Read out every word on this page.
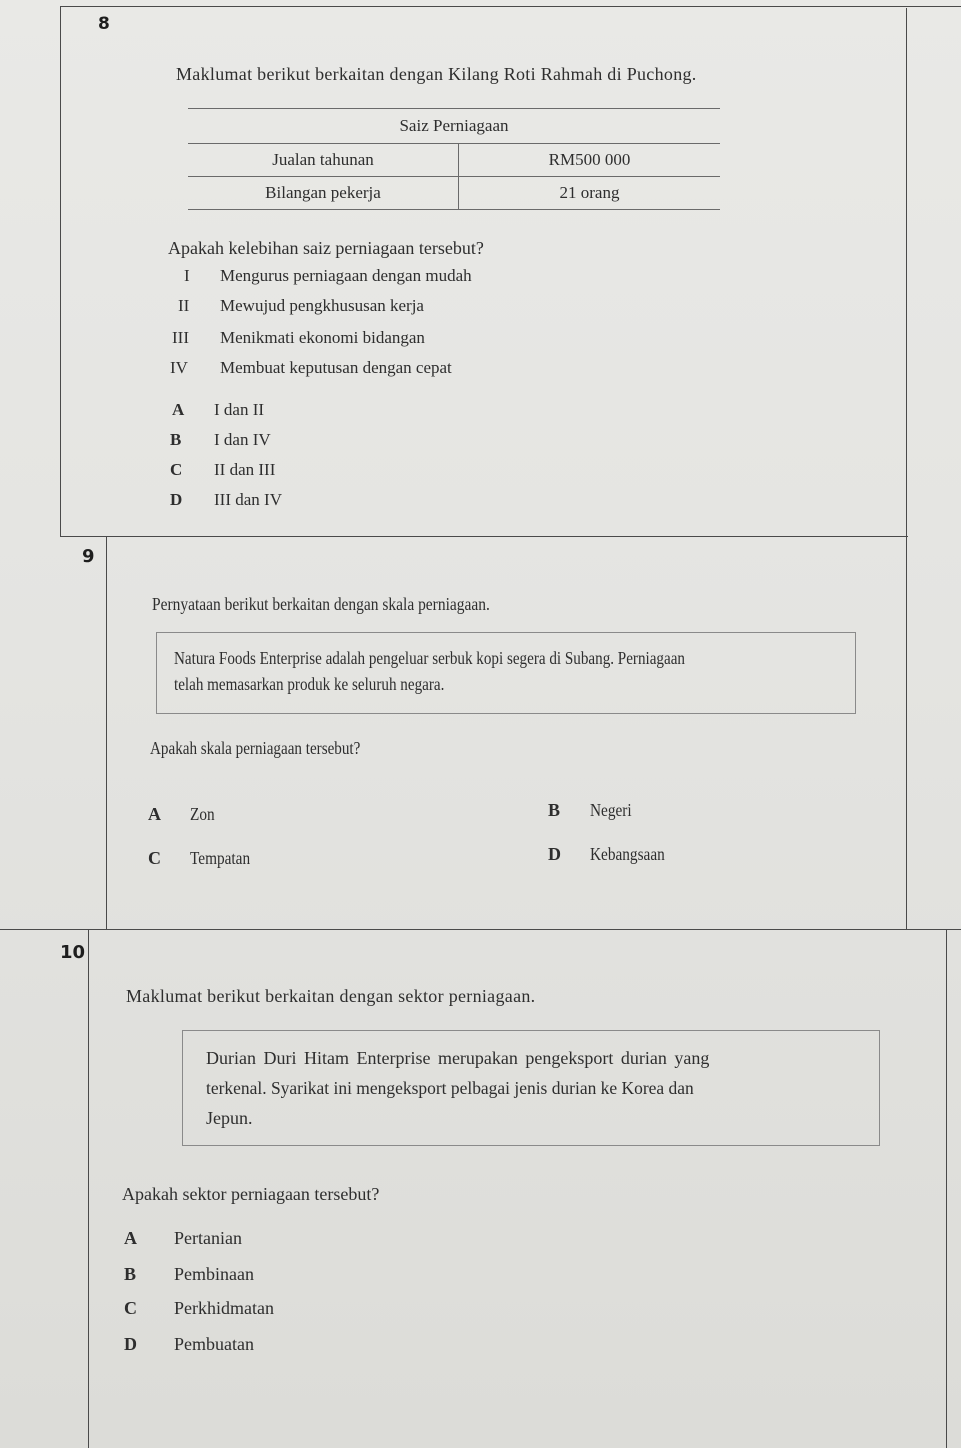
8
Maklumat berikut berkaitan dengan Kilang Roti Rahmah di Puchong.
Saiz Perniagaan	
Jualan tahunan	RM500 000
Bilangan pekerja	21 orang
Apakah kelebihan saiz perniagaan tersebut?
I Mengurus perniagaan dengan mudah
II Mewujud pengkhususan kerja
III Menikmati ekonomi bidangan
IV Membuat keputusan dengan cepat
A I dan II
B I dan IV
C II dan III
D III dan IV
9
Pernyataan berikut berkaitan dengan skala perniagaan.
Natura Foods Enterprise adalah pengeluar serbuk kopi segera di Subang. Perniagaan
telah memasarkan produk ke seluruh negara.
Apakah skala perniagaan tersebut?
A Zon	B Negeri
C Tempatan	D Kebangsaan
10
Maklumat berikut berkaitan dengan sektor perniagaan.
Durian Duri Hitam Enterprise merupakan pengeksport durian yang
terkenal. Syarikat ini mengeksport pelbagai jenis durian ke Korea dan
Jepun.
Apakah sektor perniagaan tersebut?
A Pertanian
B Pembinaan
C Perkhidmatan
D Pembuatan
